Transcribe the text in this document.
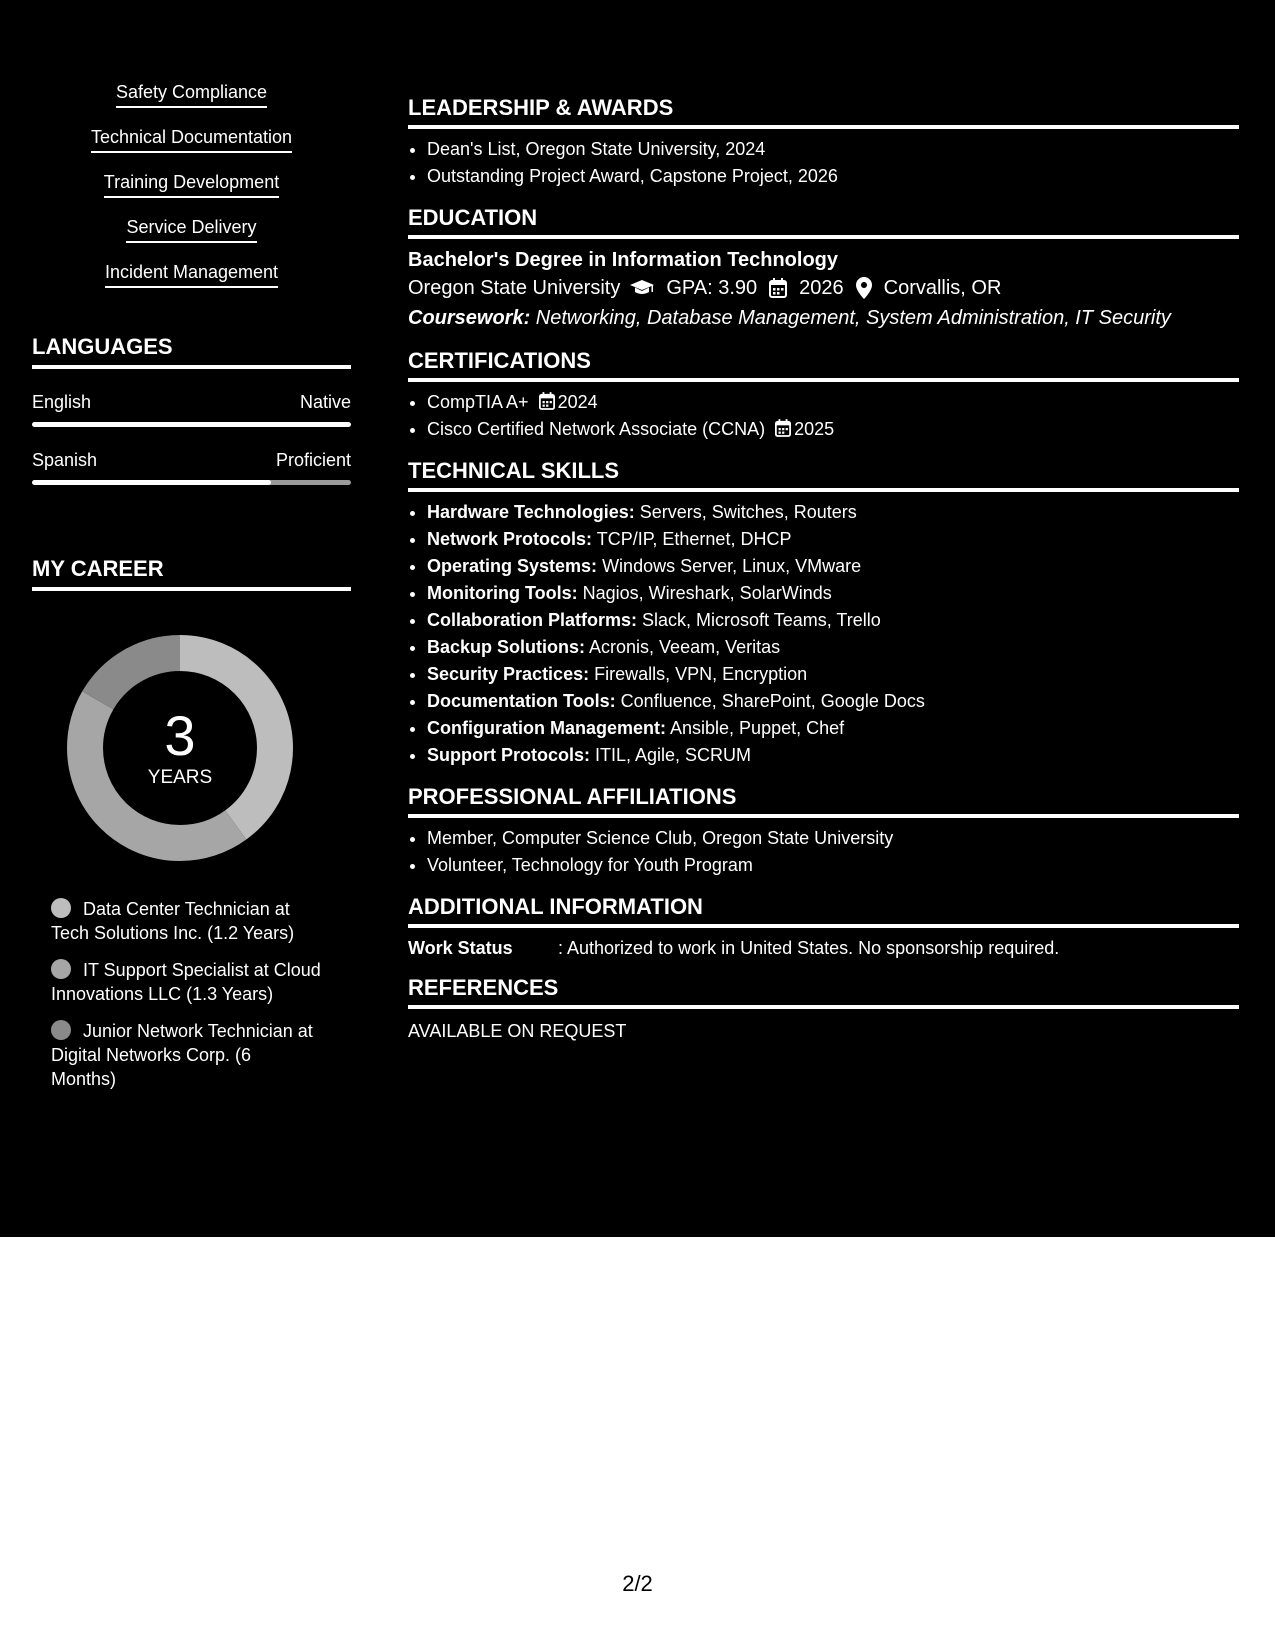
Safety Compliance
Technical Documentation
Training Development
Service Delivery
Incident Management
LANGUAGES
English	Native
Spanish	Proficient
MY CAREER
3
YEARS
Data Center Technician at Tech Solutions Inc. (1.2 Years)
IT Support Specialist at Cloud Innovations LLC (1.3 Years)
Junior Network Technician at Digital Networks Corp. (6 Months)
LEADERSHIP & AWARDS
• Dean's List, Oregon State University, 2024
• Outstanding Project Award, Capstone Project, 2026
EDUCATION
Bachelor's Degree in Information Technology
Oregon State University GPA: 3.90 2026 Corvallis, OR
Coursework: Networking, Database Management, System Administration, IT Security
CERTIFICATIONS
• CompTIA A+ 2024
• Cisco Certified Network Associate (CCNA) 2025
TECHNICAL SKILLS
• Hardware Technologies: Servers, Switches, Routers
• Network Protocols: TCP/IP, Ethernet, DHCP
• Operating Systems: Windows Server, Linux, VMware
• Monitoring Tools: Nagios, Wireshark, SolarWinds
• Collaboration Platforms: Slack, Microsoft Teams, Trello
• Backup Solutions: Acronis, Veeam, Veritas
• Security Practices: Firewalls, VPN, Encryption
• Documentation Tools: Confluence, SharePoint, Google Docs
• Configuration Management: Ansible, Puppet, Chef
• Support Protocols: ITIL, Agile, SCRUM
PROFESSIONAL AFFILIATIONS
• Member, Computer Science Club, Oregon State University
• Volunteer, Technology for Youth Program
ADDITIONAL INFORMATION
Work Status	: Authorized to work in United States. No sponsorship required.
REFERENCES
AVAILABLE ON REQUEST
2/2
